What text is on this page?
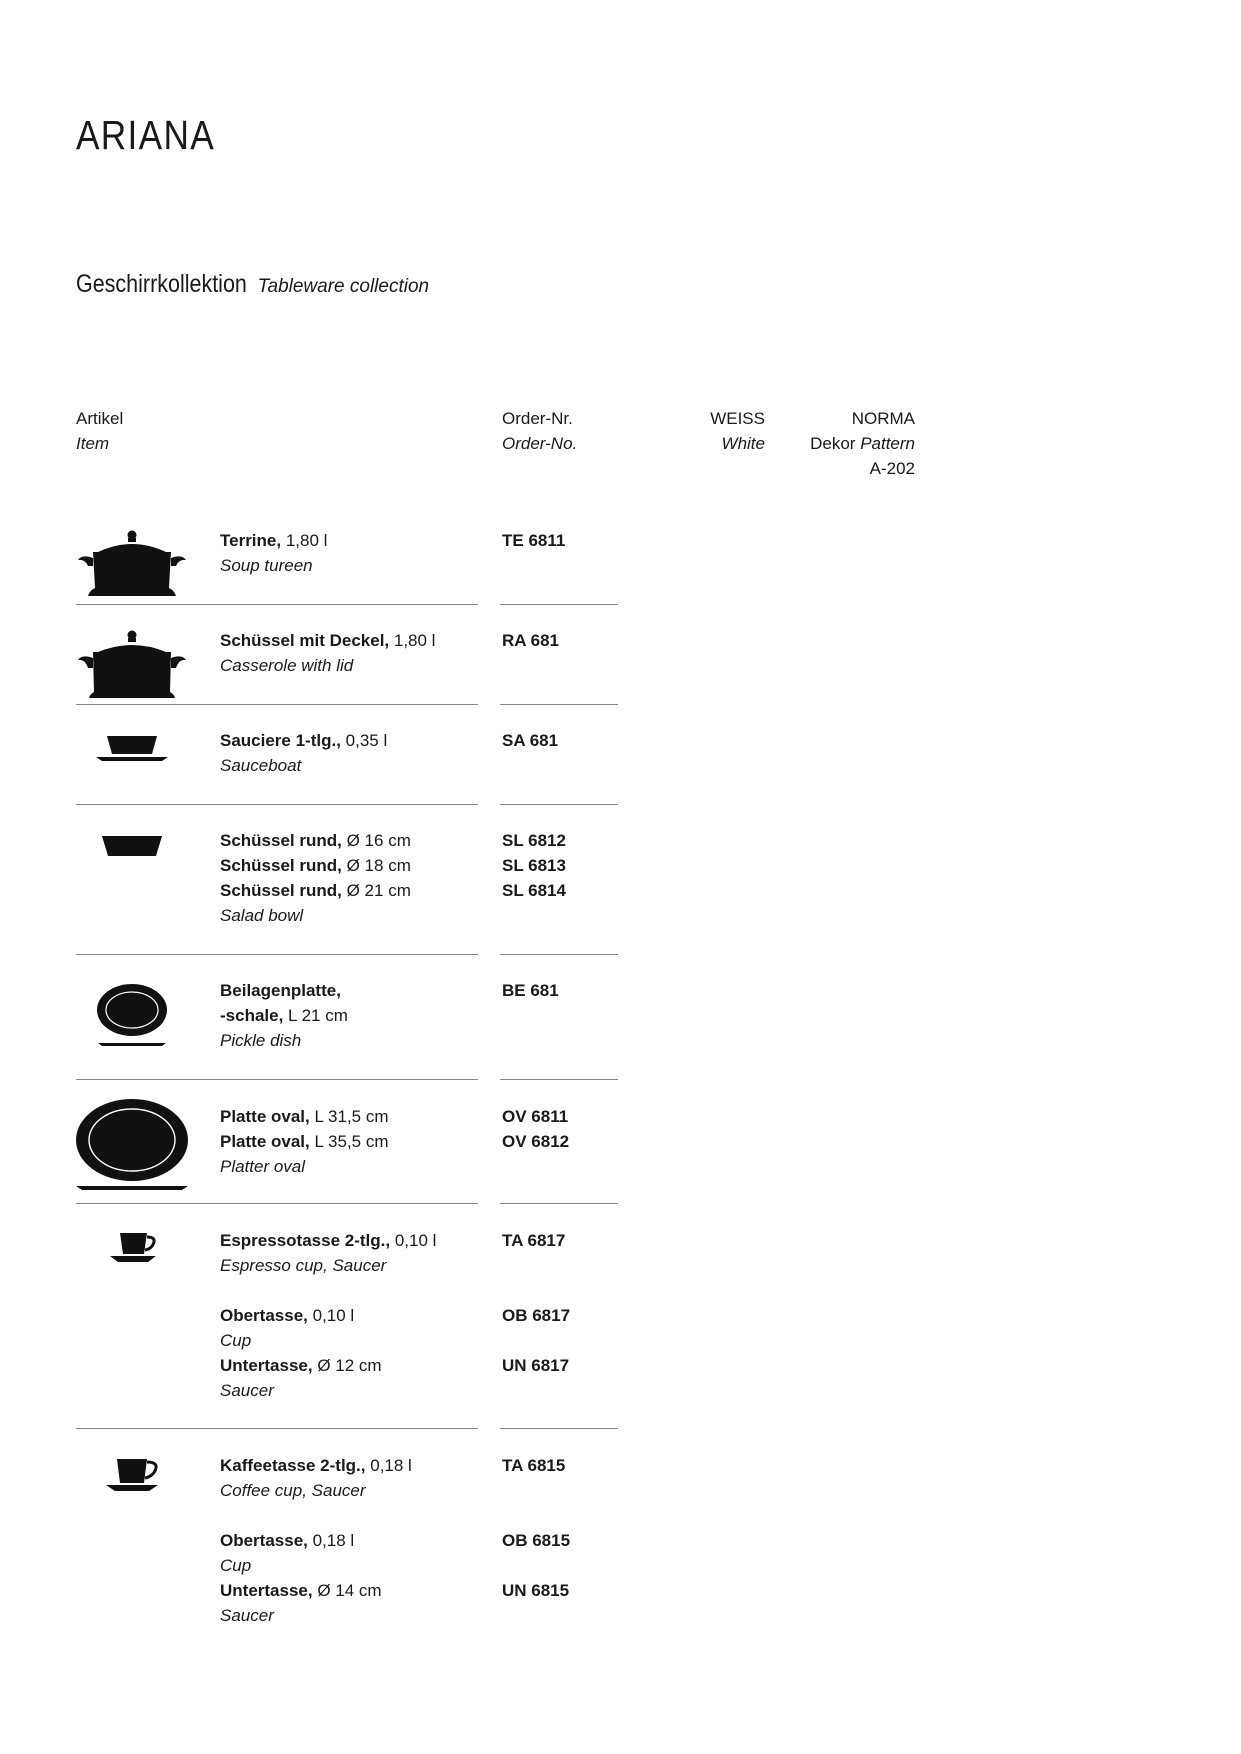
ARIANA
Geschirrkollektion Tableware collection
Artikel
Item
Order-Nr.
Order-No.
WEISS
White
NORMA
Dekor Pattern
A-202
Terrine, 1,80 l
Soup tureen
TE 6811
Schüssel mit Deckel, 1,80 l
Casserole with lid
RA 681
Sauciere 1-tlg., 0,35 l
Sauceboat
SA 681
Schüssel rund, Ø 16 cm
Schüssel rund, Ø 18 cm
Schüssel rund, Ø 21 cm
Salad bowl
SL 6812
SL 6813
SL 6814
Beilagenplatte,
-schale, L 21 cm
Pickle dish
BE 681
Platte oval, L 31,5 cm
Platte oval, L 35,5 cm
Platter oval
OV 6811
OV 6812
Espressotasse 2-tlg., 0,10 l
Espresso cup, Saucer
Obertasse, 0,10 l
Cup
Untertasse, Ø 12 cm
Saucer
TA 6817
OB 6817
UN 6817
Kaffeetasse 2-tlg., 0,18 l
Coffee cup, Saucer
Obertasse, 0,18 l
Cup
Untertasse, Ø 14 cm
Saucer
TA 6815
OB 6815
UN 6815
